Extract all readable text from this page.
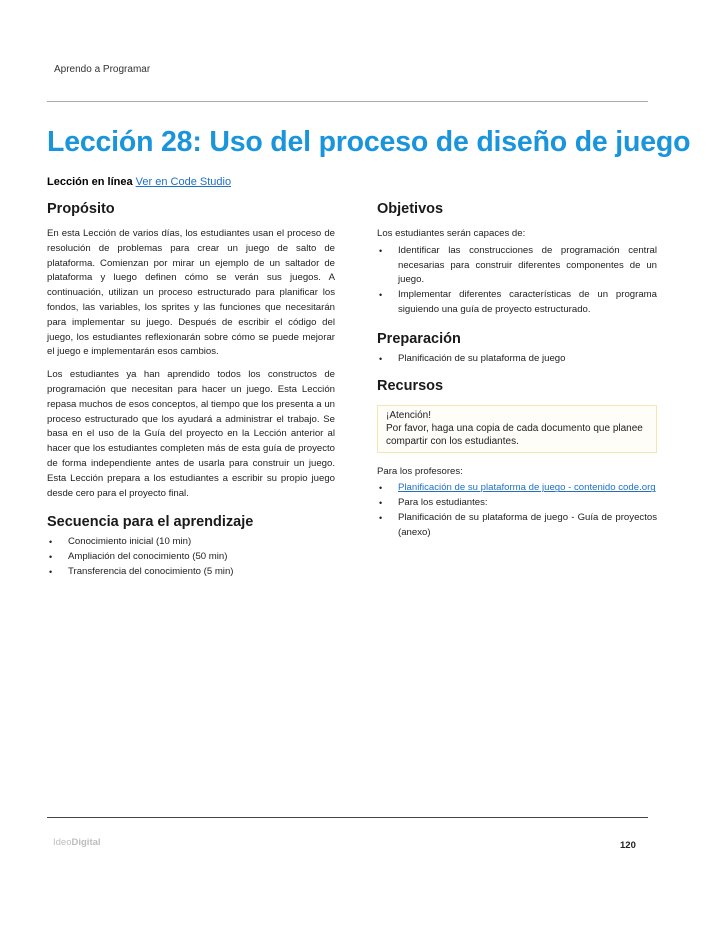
Aprendo a Programar
Lección 28: Uso del proceso de diseño de juego
Lección en línea Ver en Code Studio
Propósito

En esta Lección de varios días, los estudiantes usan el proceso de resolución de problemas para crear un juego de salto de plataforma. Comienzan por mirar un ejemplo de un saltador de plataforma y luego definen cómo se verán sus juegos. A continuación, utilizan un proceso estructurado para planificar los fondos, las variables, los sprites y las funciones que necesitarán para implementar su juego. Después de escribir el código del juego, los estudiantes reflexionarán sobre cómo se puede mejorar el juego e implementarán esos cambios.

Los estudiantes ya han aprendido todos los constructos de programación que necesitan para hacer un juego. Esta Lección repasa muchos de esos conceptos, al tiempo que los presenta a un proceso estructurado que los ayudará a administrar el trabajo. Se basa en el uso de la Guía del proyecto en la Lección anterior al hacer que los estudiantes completen más de esta guía de proyecto de forma independiente antes de usarla para construir un juego. Esta Lección prepara a los estudiantes a escribir su propio juego desde cero para el proyecto final.

Secuencia para el aprendizaje
• Conocimiento inicial (10 min)
• Ampliación del conocimiento (50 min)
• Transferencia del conocimiento (5 min)
Objetivos
Los estudiantes serán capaces de:
• Identificar las construcciones de programación central necesarias para construir diferentes componentes de un juego.
• Implementar diferentes características de un programa siguiendo una guía de proyecto estructurado.
Preparación
• Planificación de su plataforma de juego
Recursos
¡Atención!
Por favor, haga una copia de cada documento que planee compartir con los estudiantes.
Para los profesores:
• Planificación de su plataforma de juego - contenido code.org
• Para los estudiantes:
• Planificación de su plataforma de juego - Guía de proyectos (anexo)
IdeoDigital	120
